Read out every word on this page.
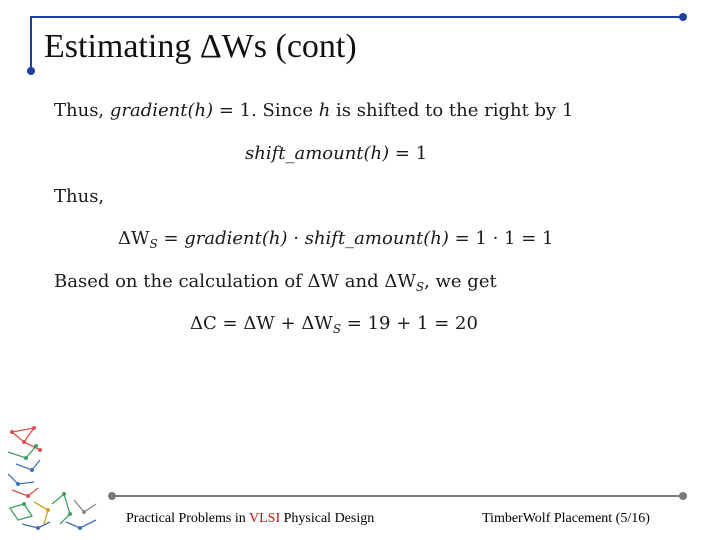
Estimating ΔWs (cont)
Thus, gradient(h) = 1. Since h is shifted to the right by 1
shift_amount(h) = 1
Thus,
$\Delta W_S$ = gradient(h) · shift_amount(h) = 1 · 1 = 1
Based on the calculation of ΔW and $\Delta W_S$, we get
$\Delta C = \Delta W + \Delta W_S = 19 + 1 = 20$
Practical Problems in VLSI Physical Design	TimberWolf Placement (5/16)
